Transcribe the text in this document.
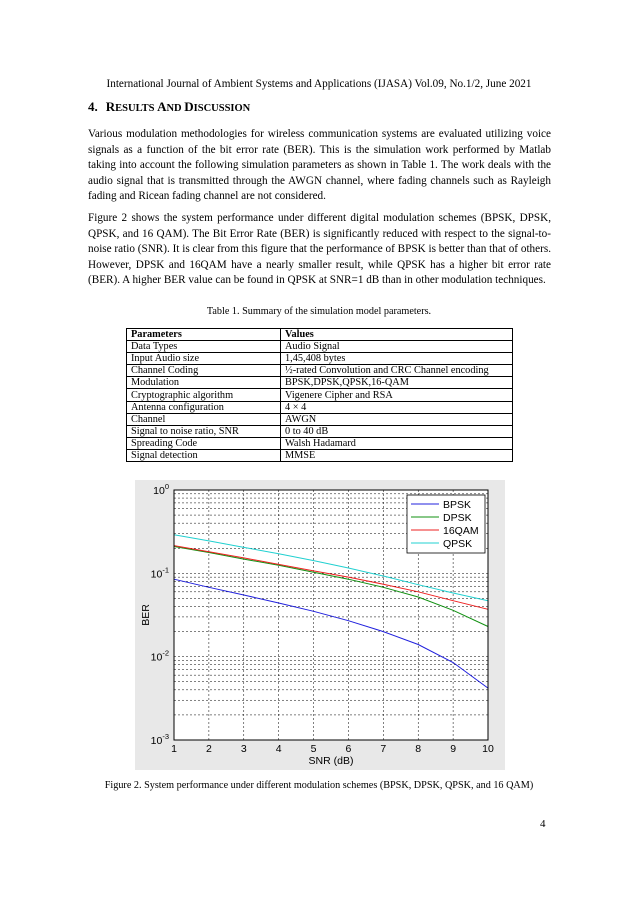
International Journal of Ambient Systems and Applications (IJASA) Vol.09, No.1/2, June 2021
4. RESULTS AND DISCUSSION

Various modulation methodologies for wireless communication systems are evaluated utilizing voice signals as a function of the bit error rate (BER). This is the simulation work performed by Matlab taking into account the following simulation parameters as shown in Table 1. The work deals with the audio signal that is transmitted through the AWGN channel, where fading channels such as Rayleigh fading and Ricean fading channel are not considered.

Figure 2 shows the system performance under different digital modulation schemes (BPSK, DPSK, QPSK, and 16 QAM). The Bit Error Rate (BER) is significantly reduced with respect to the signal-to-noise ratio (SNR). It is clear from this figure that the performance of BPSK is better than that of others. However, DPSK and 16QAM have a nearly smaller result, while QPSK has a higher bit error rate (BER). A higher BER value can be found in QPSK at SNR=1 dB than in other modulation techniques.

Table 1. Summary of the simulation model parameters.
Parameters	Values
Data Types	Audio Signal
Input Audio size	1,45,408 bytes
Channel Coding	½-rated Convolution and CRC Channel encoding
Modulation	BPSK,DPSK,QPSK,16-QAM
Cryptographic algorithm	Vigenere Cipher and RSA
Antenna configuration	4 × 4
Channel	AWGN
Signal to noise ratio, SNR	0 to 40 dB
Spreading Code	Walsh Hadamard
Signal detection	MMSE
1	2	3	4	5	6	7	8	9 10
$10^0$
$10^{-1}$
$10^{-2}$
$10^{-3}$
SNR (dB)
BER
BPSK
DPSK
16QAM
QPSK
Figure 2. System performance under different modulation schemes (BPSK, DPSK, QPSK, and 16 QAM)
4
